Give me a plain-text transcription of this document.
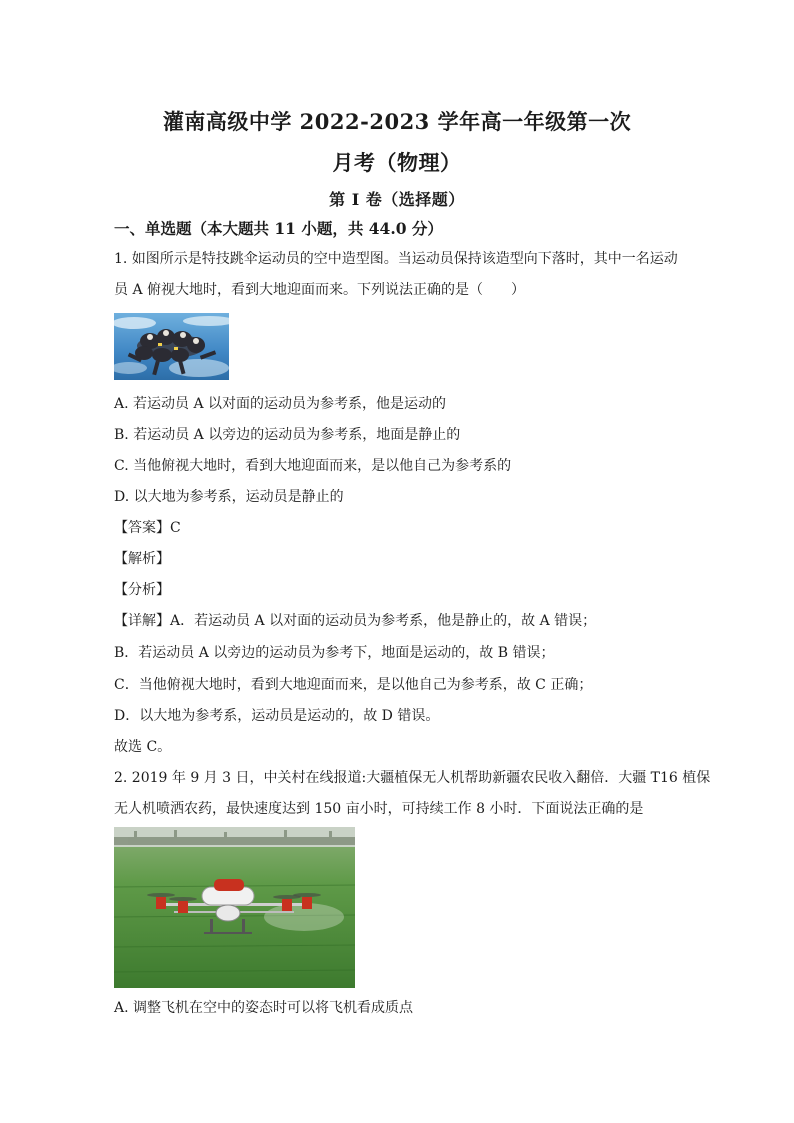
灌南高级中学 2022-2023 学年高一年级第一次
月考（物理）
第 I 卷（选择题）
一、单选题（本大题共 11 小题，共 44.0 分）
1. 如图所示是特技跳伞运动员的空中造型图。当运动员保持该造型向下落时，其中一名运动
员 A 俯视大地时，看到大地迎面而来。下列说法正确的是（　　）
A. 若运动员 A 以对面的运动员为参考系，他是运动的
B. 若运动员 A 以旁边的运动员为参考系，地面是静止的
C. 当他俯视大地时，看到大地迎面而来，是以他自己为参考系的
D. 以大地为参考系，运动员是静止的
【答案】C
【解析】
【分析】
【详解】A．若运动员 A 以对面的运动员为参考系，他是静止的，故 A 错误；
B．若运动员 A 以旁边的运动员为参考下，地面是运动的，故 B 错误；
C．当他俯视大地时，看到大地迎面而来，是以他自己为参考系，故 C 正确；
D．以大地为参考系，运动员是运动的，故 D 错误。
故选 C。
2. 2019 年 9 月 3 日，中关村在线报道:大疆植保无人机帮助新疆农民收入翻倍．大疆 T16 植保
无人机喷洒农药，最快速度达到 150 亩小时，可持续工作 8 小时．下面说法正确的是
A. 调整飞机在空中的姿态时可以将飞机看成质点
